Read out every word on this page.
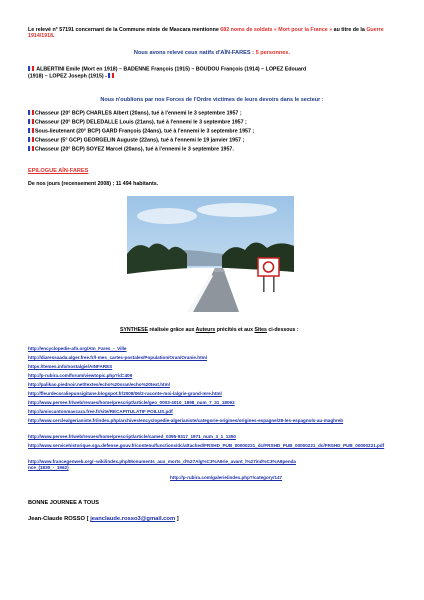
Le relevé n° 57191 concernant de la Commune mixte de Mascara mentionne 682 noms de soldats « Mort pour la France » au titre de la Guerre 1914/1918.

Nous avons relevé ceux natifs d'AÏN-FARES : 5 personnes.

ALBERTINI Emile (Mort en 1918) – BADENNE François (1915) – BOUDOU François (1914) – LOPEZ Edouard
(1918) – LOPEZ Joseph (1915) -

Nous n'oublions par nos Forces de l'Ordre victimes de leurs devoirs dans le secteur :

Chasseur (20° BCP) CHARLES Albert (20ans), tué à l'ennemi le 3 septembre 1957 ;
Chasseur (20° BCP) DELEDALLE Louis (21ans), tué à l'ennemi le 3 septembre 1957 ;
Sous-lieutenant (20° BCP) GARD François (24ans), tué à l'ennemi le 3 septembre 1957 ;
Chasseur (5° GCP) GEORGELIN Auguste (22ans), tué à l'ennemi le 19 janvier 1957 ;
Chasseur (20° BCP) SOYEZ Marcel (20ans), tué à l'ennemi le 3 septembre 1957.

EPILOGUE AÏN-FARES

De nos jours (recensement 2008) ; 11 494 habitants.

SYNTHESE réalisée grâce aux Auteurs précités et aux Sites ci-dessous :

http://encyclopedie-afn.org/Aïn_Fares_-_Ville
http://diaressaada.alger.free.fr/l-mes_cartes-postales/Population/Oran/Oranie.html
https://temes.info/nostalgie/AINFARES
http://p-rubira.com/forum/viewtopic.php?id=409
http://palikao.piednoir.net/textes/echo%20oran/echo%20text.html
http://fleurdecoraliepunsigitane.blogspot.fr/2008/06/2-raconte-moi-lalgrie-grand-mre.html
http://www.persee.fr/web/revues/home/prescript/article/geo_0003-4010_1898_num_7_31_18092
http://amiscantonmascara.free.fr/site/RECAPITULATIF POILUS.pdf
http://www.cerclealgerianiste.fr/index.php/archives/encyclopedie-algerianiste/categorie-origines/origines-espagne/28-les-espagnols-au-maghreb
http://www.persee.fr/web/revues/home/prescript/article/camed_0395-9317_1971_num_3_1_1350
http://www.servicehistorique.sga.defense.gouv.fr/contenu/functions/dc/attached/FRSHD_PUB_00000221_dc/FRSHD_PUB_00000221_dc/FRSHD_PUB_00000221.pdf
http://www.francegenweb.org/~wiki/index.php/Monuments_aux_morts_d%27Alg%C3%A9rie_avant_l%27ind%C3%A9pendance_(1830_-_1962)
http://p-rubira.com/galerie/index.php?/category/147

BONNE JOURNEE A TOUS

Jean-Claude ROSSO [ jeanclaude.rosso3@gmail.com ]
